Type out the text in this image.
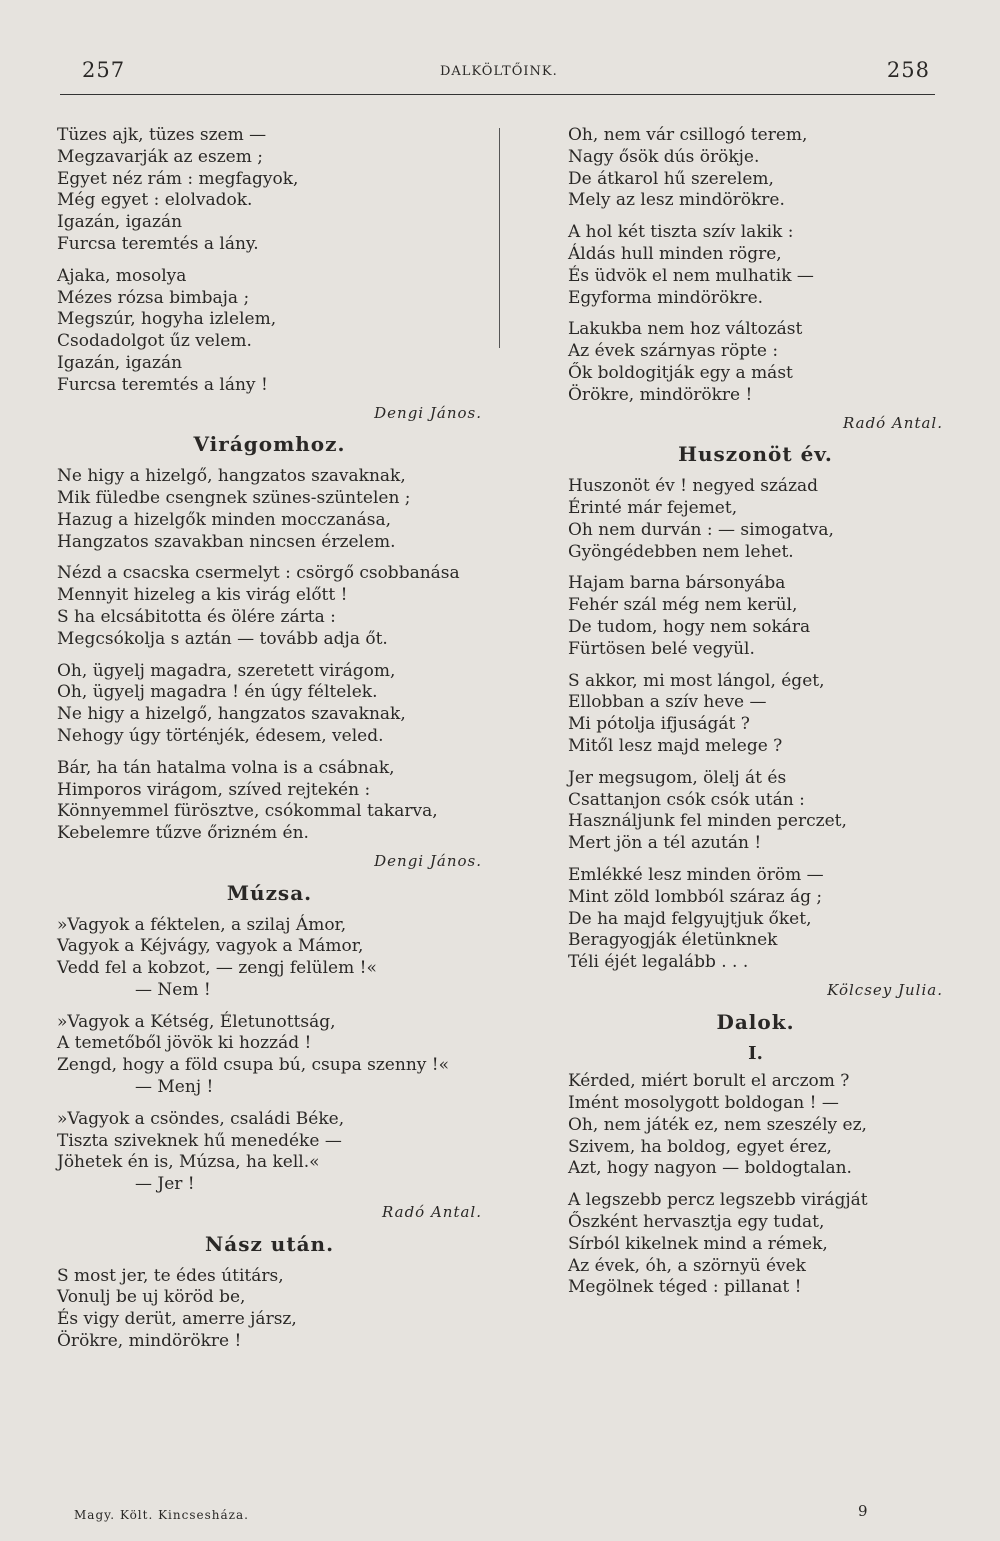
257	DALKÖLTŐINK.	258
Tüzes ajk, tüzes szem —
Megzavarják az eszem ;
Egyet néz rám : megfagyok,
Még egyet : elolvadok.
Igazán, igazán
Furcsa teremtés a lány.
Ajaka, mosolya
Mézes rózsa bimbaja ;
Megszúr, hogyha izlelem,
Csodadolgot űz velem.
Igazán, igazán
Furcsa teremtés a lány !
Dengi János.
Virágomhoz.
Ne higy a hizelgő, hangzatos szavaknak,
Mik füledbe csengnek szünes-szüntelen ;
Hazug a hizelgők minden mocczanása,
Hangzatos szavakban nincsen érzelem.
Nézd a csacska csermelyt : csörgő csobbanása
Mennyit hizeleg a kis virág előtt !
S ha elcsábitotta és ölére zárta :
Megcsókolja s aztán — tovább adja őt.
Oh, ügyelj magadra, szeretett virágom,
Oh, ügyelj magadra ! én úgy féltelek.
Ne higy a hizelgő, hangzatos szavaknak,
Nehogy úgy történjék, édesem, veled.
Bár, ha tán hatalma volna is a csábnak,
Himporos virágom, szíved rejtekén :
Könnyemmel fürösztve, csókommal takarva,
Kebelemre tűzve őrizném én.
Dengi János.
Múzsa.
»Vagyok a féktelen, a szilaj Ámor,
Vagyok a Kéjvágy, vagyok a Mámor,
Vedd fel a kobzot, — zengj felülem !«
— Nem !
»Vagyok a Kétség, Életunottság,
A temetőből jövök ki hozzád !
Zengd, hogy a föld csupa bú, csupa szenny !«
— Menj !
»Vagyok a csöndes, családi Béke,
Tiszta sziveknek hű menedéke —
Jöhetek én is, Múzsa, ha kell.«
— Jer !
Radó Antal.
Nász után.
S most jer, te édes útitárs,
Vonulj be uj köröd be,
És vigy derüt, amerre jársz,
Örökre, mindörökre !
Oh, nem vár csillogó terem,
Nagy ősök dús örökje.
De átkarol hű szerelem,
Mely az lesz mindörökre.
A hol két tiszta szív lakik :
Áldás hull minden rögre,
És üdvök el nem mulhatik —
Egyforma mindörökre.
Lakukba nem hoz változást
Az évek szárnyas röpte :
Ők boldogitják egy a mást
Örökre, mindörökre !
Radó Antal.
Huszonöt év.
Huszonöt év ! negyed század
Érinté már fejemet,
Oh nem durván : — simogatva,
Gyöngédebben nem lehet.
Hajam barna bársonyába
Fehér szál még nem kerül,
De tudom, hogy nem sokára
Fürtösen belé vegyül.
S akkor, mi most lángol, éget,
Ellobban a szív heve —
Mi pótolja ifjuságát ?
Mitől lesz majd melege ?
Jer megsugom, ölelj át és
Csattanjon csók csók után :
Használjunk fel minden perczet,
Mert jön a tél azután !
Emlékké lesz minden öröm —
Mint zöld lombból száraz ág ;
De ha majd felgyujtjuk őket,
Beragyogják életünknek
Téli éjét legalább . . .
Kölcsey Julia.
Dalok.
I.
Kérded, miért borult el arczom ?
Imént mosolygott boldogan ! —
Oh, nem játék ez, nem szeszély ez,
Szivem, ha boldog, egyet érez,
Azt, hogy nagyon — boldogtalan.
A legszebb percz legszebb virágját
Őszként hervasztja egy tudat,
Sírból kikelnek mind a rémek,
Az évek, óh, a szörnyü évek
Megölnek téged : pillanat !
Magy. Költ. Kincsesháza.	9
